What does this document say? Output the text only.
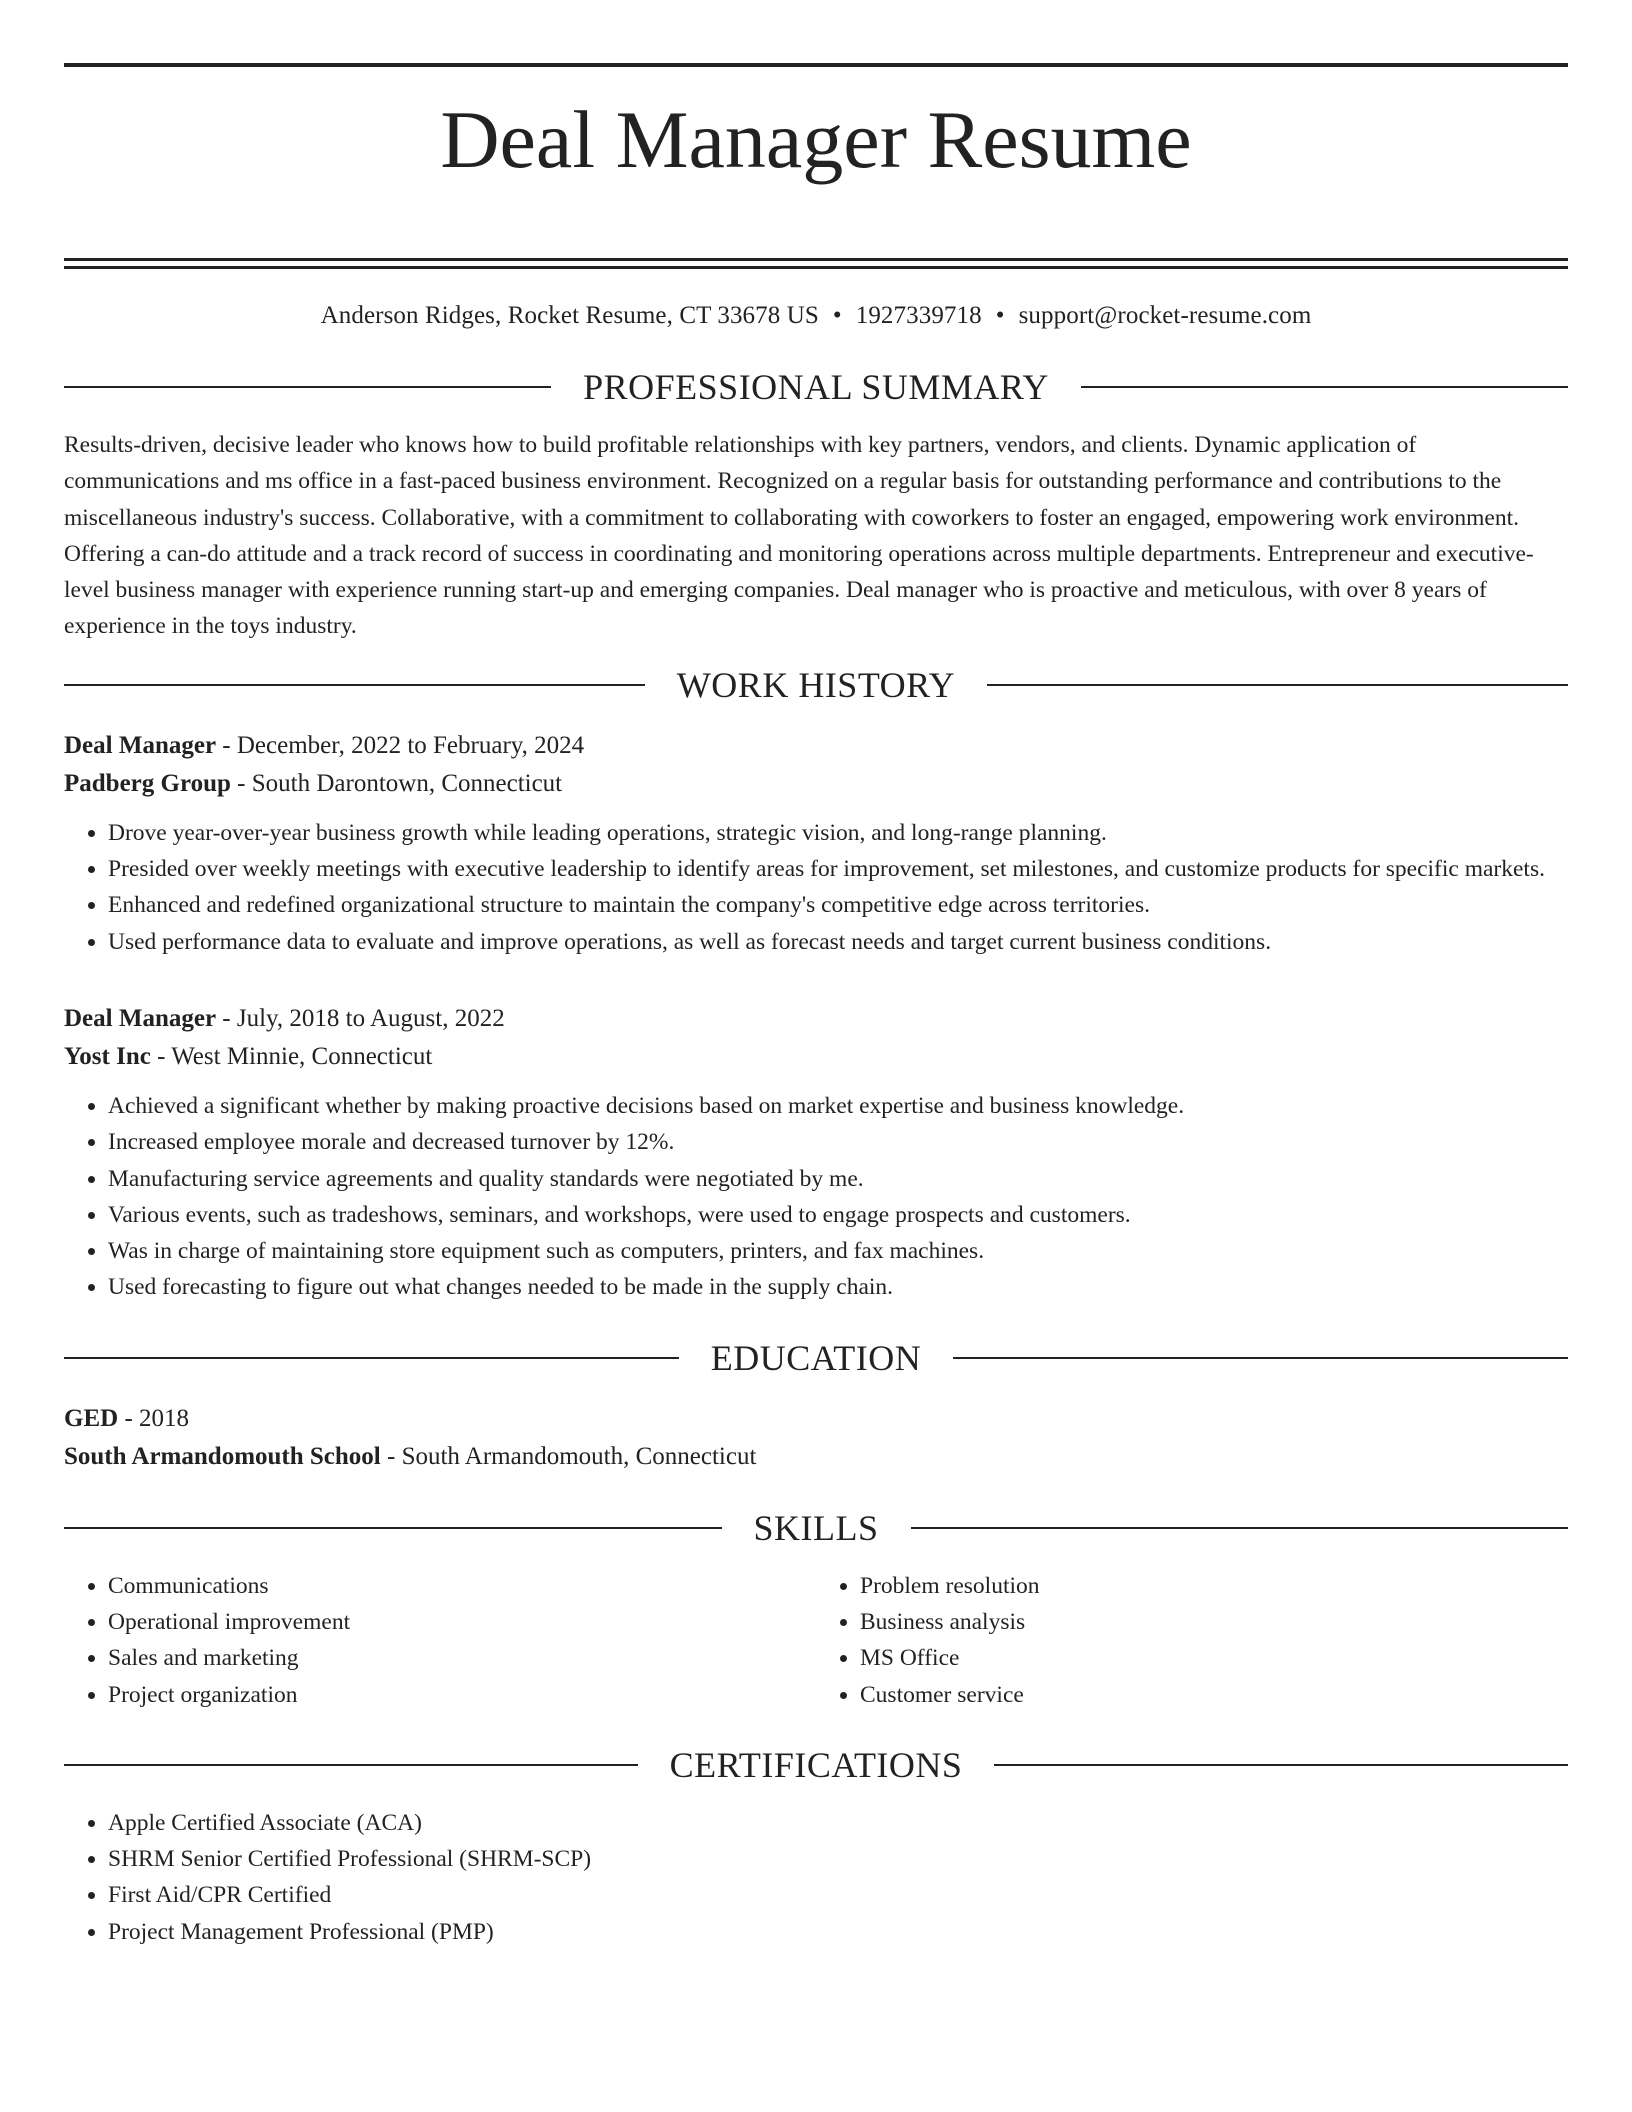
Deal Manager Resume
Anderson Ridges, Rocket Resume, CT 33678 US • 1927339718 • support@rocket-resume.com
PROFESSIONAL SUMMARY

Results-driven, decisive leader who knows how to build profitable relationships with key partners, vendors, and clients. Dynamic application of communications and ms office in a fast-paced business environment. Recognized on a regular basis for outstanding performance and contributions to the miscellaneous industry's success. Collaborative, with a commitment to collaborating with coworkers to foster an engaged, empowering work environment. Offering a can-do attitude and a track record of success in coordinating and monitoring operations across multiple departments. Entrepreneur and executive-level business manager with experience running start-up and emerging companies. Deal manager who is proactive and meticulous, with over 8 years of experience in the toys industry.

WORK HISTORY
Deal Manager - December, 2022 to February, 2024
Padberg Group - South Darontown, Connecticut
• Drove year-over-year business growth while leading operations, strategic vision, and long-range planning.
• Presided over weekly meetings with executive leadership to identify areas for improvement, set milestones, and customize products for specific markets.
• Enhanced and redefined organizational structure to maintain the company's competitive edge across territories.
• Used performance data to evaluate and improve operations, as well as forecast needs and target current business conditions.
Deal Manager - July, 2018 to August, 2022
Yost Inc - West Minnie, Connecticut
• Achieved a significant whether by making proactive decisions based on market expertise and business knowledge.
• Increased employee morale and decreased turnover by 12%.
• Manufacturing service agreements and quality standards were negotiated by me.
• Various events, such as tradeshows, seminars, and workshops, were used to engage prospects and customers.
• Was in charge of maintaining store equipment such as computers, printers, and fax machines.
• Used forecasting to figure out what changes needed to be made in the supply chain.
EDUCATION
GED - 2018
South Armandomouth School - South Armandomouth, Connecticut
SKILLS
• Communications
• Operational improvement
• Sales and marketing
• Project organization
• Problem resolution
• Business analysis
• MS Office
• Customer service
CERTIFICATIONS
• Apple Certified Associate (ACA)
• SHRM Senior Certified Professional (SHRM-SCP)
• First Aid/CPR Certified
• Project Management Professional (PMP)
